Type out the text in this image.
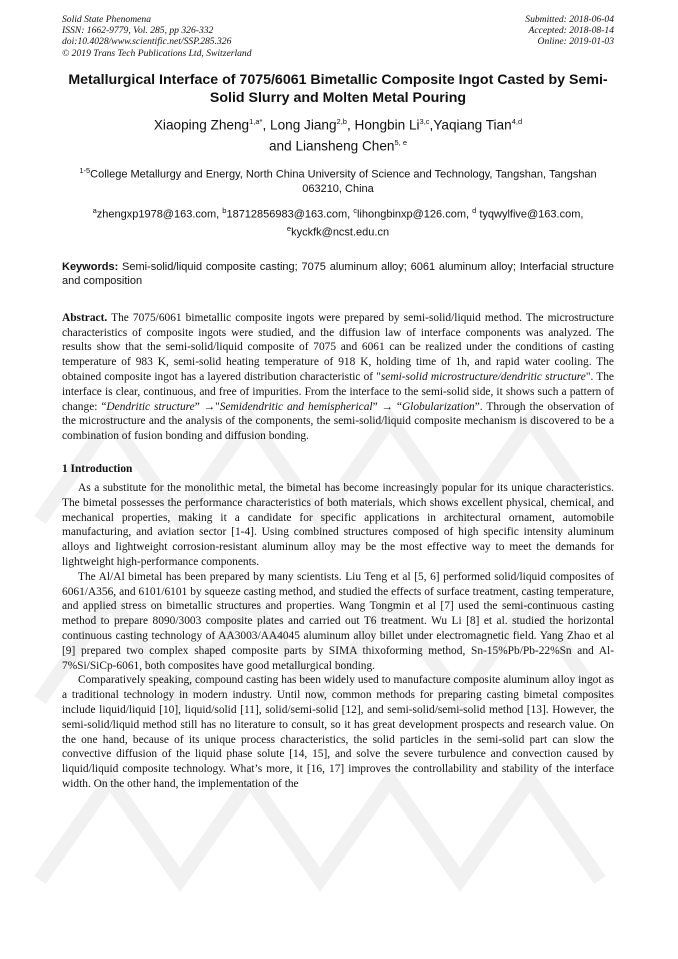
Solid State Phenomena
ISSN: 1662-9779, Vol. 285, pp 326-332
doi:10.4028/www.scientific.net/SSP.285.326
© 2019 Trans Tech Publications Ltd, Switzerland
Submitted: 2018-06-04
Accepted: 2018-08-14
Online: 2019-01-03
Metallurgical Interface of 7075/6061 Bimetallic Composite Ingot Casted by Semi-Solid Slurry and Molten Metal Pouring
Xiaoping Zheng$^{1,a*}$, Long Jiang$^{2,b}$, Hongbin Li$^{3,c}$,Yaqiang Tian$^{4,d}$
and Liansheng Chen$^{5, e}$
$^{1-5}$College Metallurgy and Energy, North China University of Science and Technology, Tangshan, Tangshan 063210, China
$^a$zhengxp1978@163.com, $^b$18712856983@163.com, $^c$lihongbinxp@126.com, $^d$ tyqwylfive@163.com, $^e$kyckfk@ncst.edu.cn
Keywords: Semi-solid/liquid composite casting; 7075 aluminum alloy; 6061 aluminum alloy; Interfacial structure and composition
Abstract. The 7075/6061 bimetallic composite ingots were prepared by semi-solid/liquid method. The microstructure characteristics of composite ingots were studied, and the diffusion law of interface components was analyzed. The results show that the semi-solid/liquid composite of 7075 and 6061 can be realized under the conditions of casting temperature of 983 K, semi-solid heating temperature of 918 K, holding time of 1h, and rapid water cooling. The obtained composite ingot has a layered distribution characteristic of "semi-solid microstructure/dendritic structure". The interface is clear, continuous, and free of impurities. From the interface to the semi-solid side, it shows such a pattern of change: “Dendritic structure” →"Semidendritic and hemispherical” → “Globularization”. Through the observation of the microstructure and the analysis of the components, the semi-solid/liquid composite mechanism is discovered to be a combination of fusion bonding and diffusion bonding.
1 Introduction

As a substitute for the monolithic metal, the bimetal has become increasingly popular for its unique characteristics. The bimetal possesses the performance characteristics of both materials, which shows excellent physical, chemical, and mechanical properties, making it a candidate for specific applications in architectural ornament, automobile manufacturing, and aviation sector [1-4]. Using combined structures composed of high specific intensity aluminum alloys and lightweight corrosion-resistant aluminum alloy may be the most effective way to meet the demands for lightweight high-performance components.

The Al/Al bimetal has been prepared by many scientists. Liu Teng et al [5, 6] performed solid/liquid composites of 6061/A356, and 6101/6101 by squeeze casting method, and studied the effects of surface treatment, casting temperature, and applied stress on bimetallic structures and properties. Wang Tongmin et al [7] used the semi-continuous casting method to prepare 8090/3003 composite plates and carried out T6 treatment. Wu Li [8] et al. studied the horizontal continuous casting technology of AA3003/AA4045 aluminum alloy billet under electromagnetic field. Yang Zhao et al [9] prepared two complex shaped composite parts by SIMA thixoforming method, Sn-15%Pb/Pb-22%Sn and Al-7%Si/SiCp-6061, both composites have good metallurgical bonding.

Comparatively speaking, compound casting has been widely used to manufacture composite aluminum alloy ingot as a traditional technology in modern industry. Until now, common methods for preparing casting bimetal composites include liquid/liquid [10], liquid/solid [11], solid/semi-solid [12], and semi-solid/semi-solid method [13]. However, the semi-solid/liquid method still has no literature to consult, so it has great development prospects and research value. On the one hand, because of its unique process characteristics, the solid particles in the semi-solid part can slow the convective diffusion of the liquid phase solute [14, 15], and solve the severe turbulence and convection caused by liquid/liquid composite technology. What’s more, it [16, 17] improves the controllability and stability of the interface width. On the other hand, the implementation of the
